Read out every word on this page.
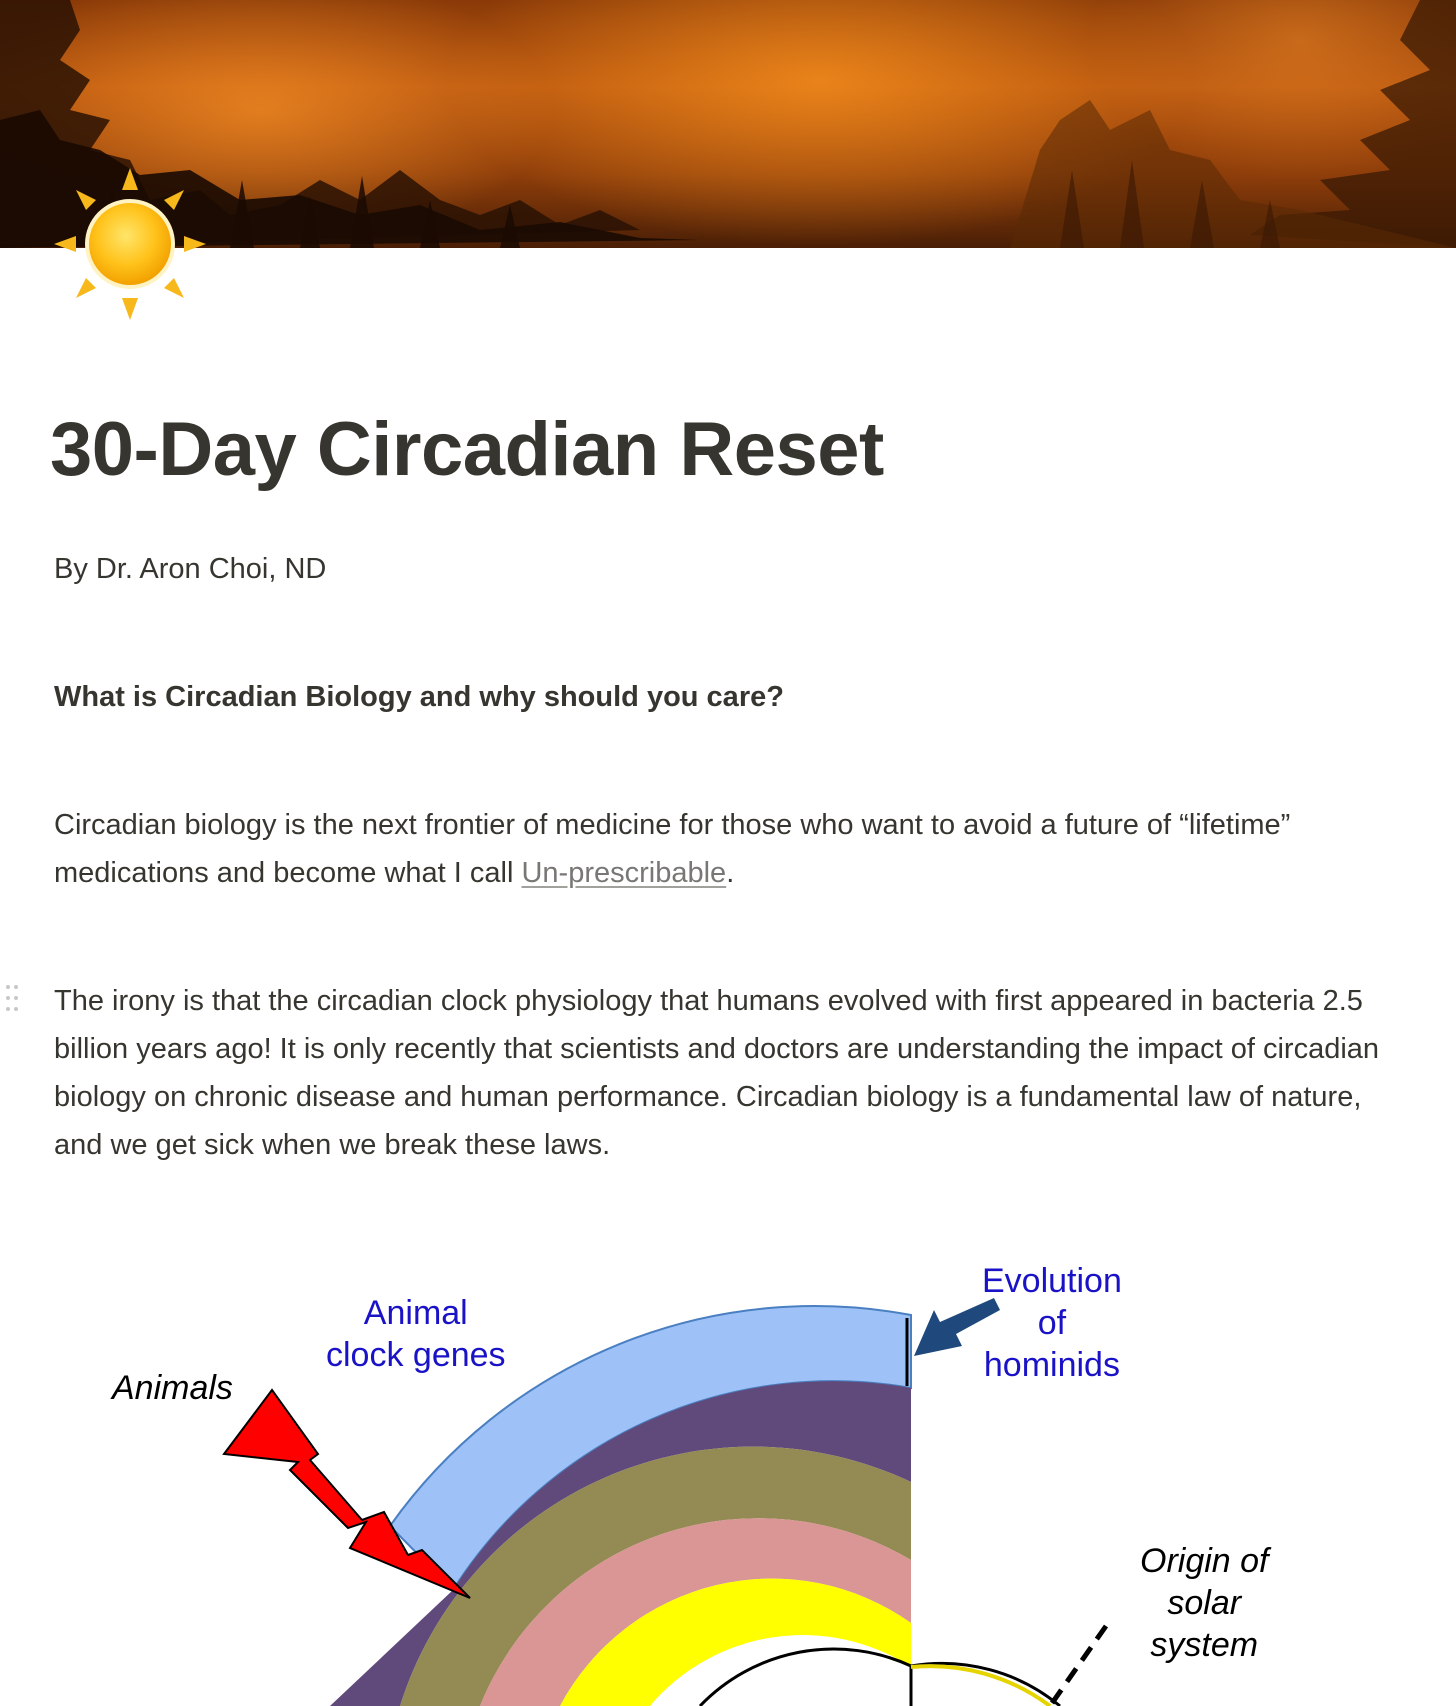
30-Day Circadian Reset
By Dr. Aron Choi, ND
What is Circadian Biology and why should you care?

Circadian biology is the next frontier of medicine for those who want to avoid a future of “lifetime” medications and become what I call Un-prescribable.

The irony is that the circadian clock physiology that humans evolved with first appeared in bacteria 2.5 billion years ago! It is only recently that scientists and doctors are understanding the impact of circadian biology on chronic disease and human performance. Circadian biology is a fundamental law of nature, and we get sick when we break these laws.

Animals
Animal
clock genes
Evolution
of
hominids
Origin of
solar
system
